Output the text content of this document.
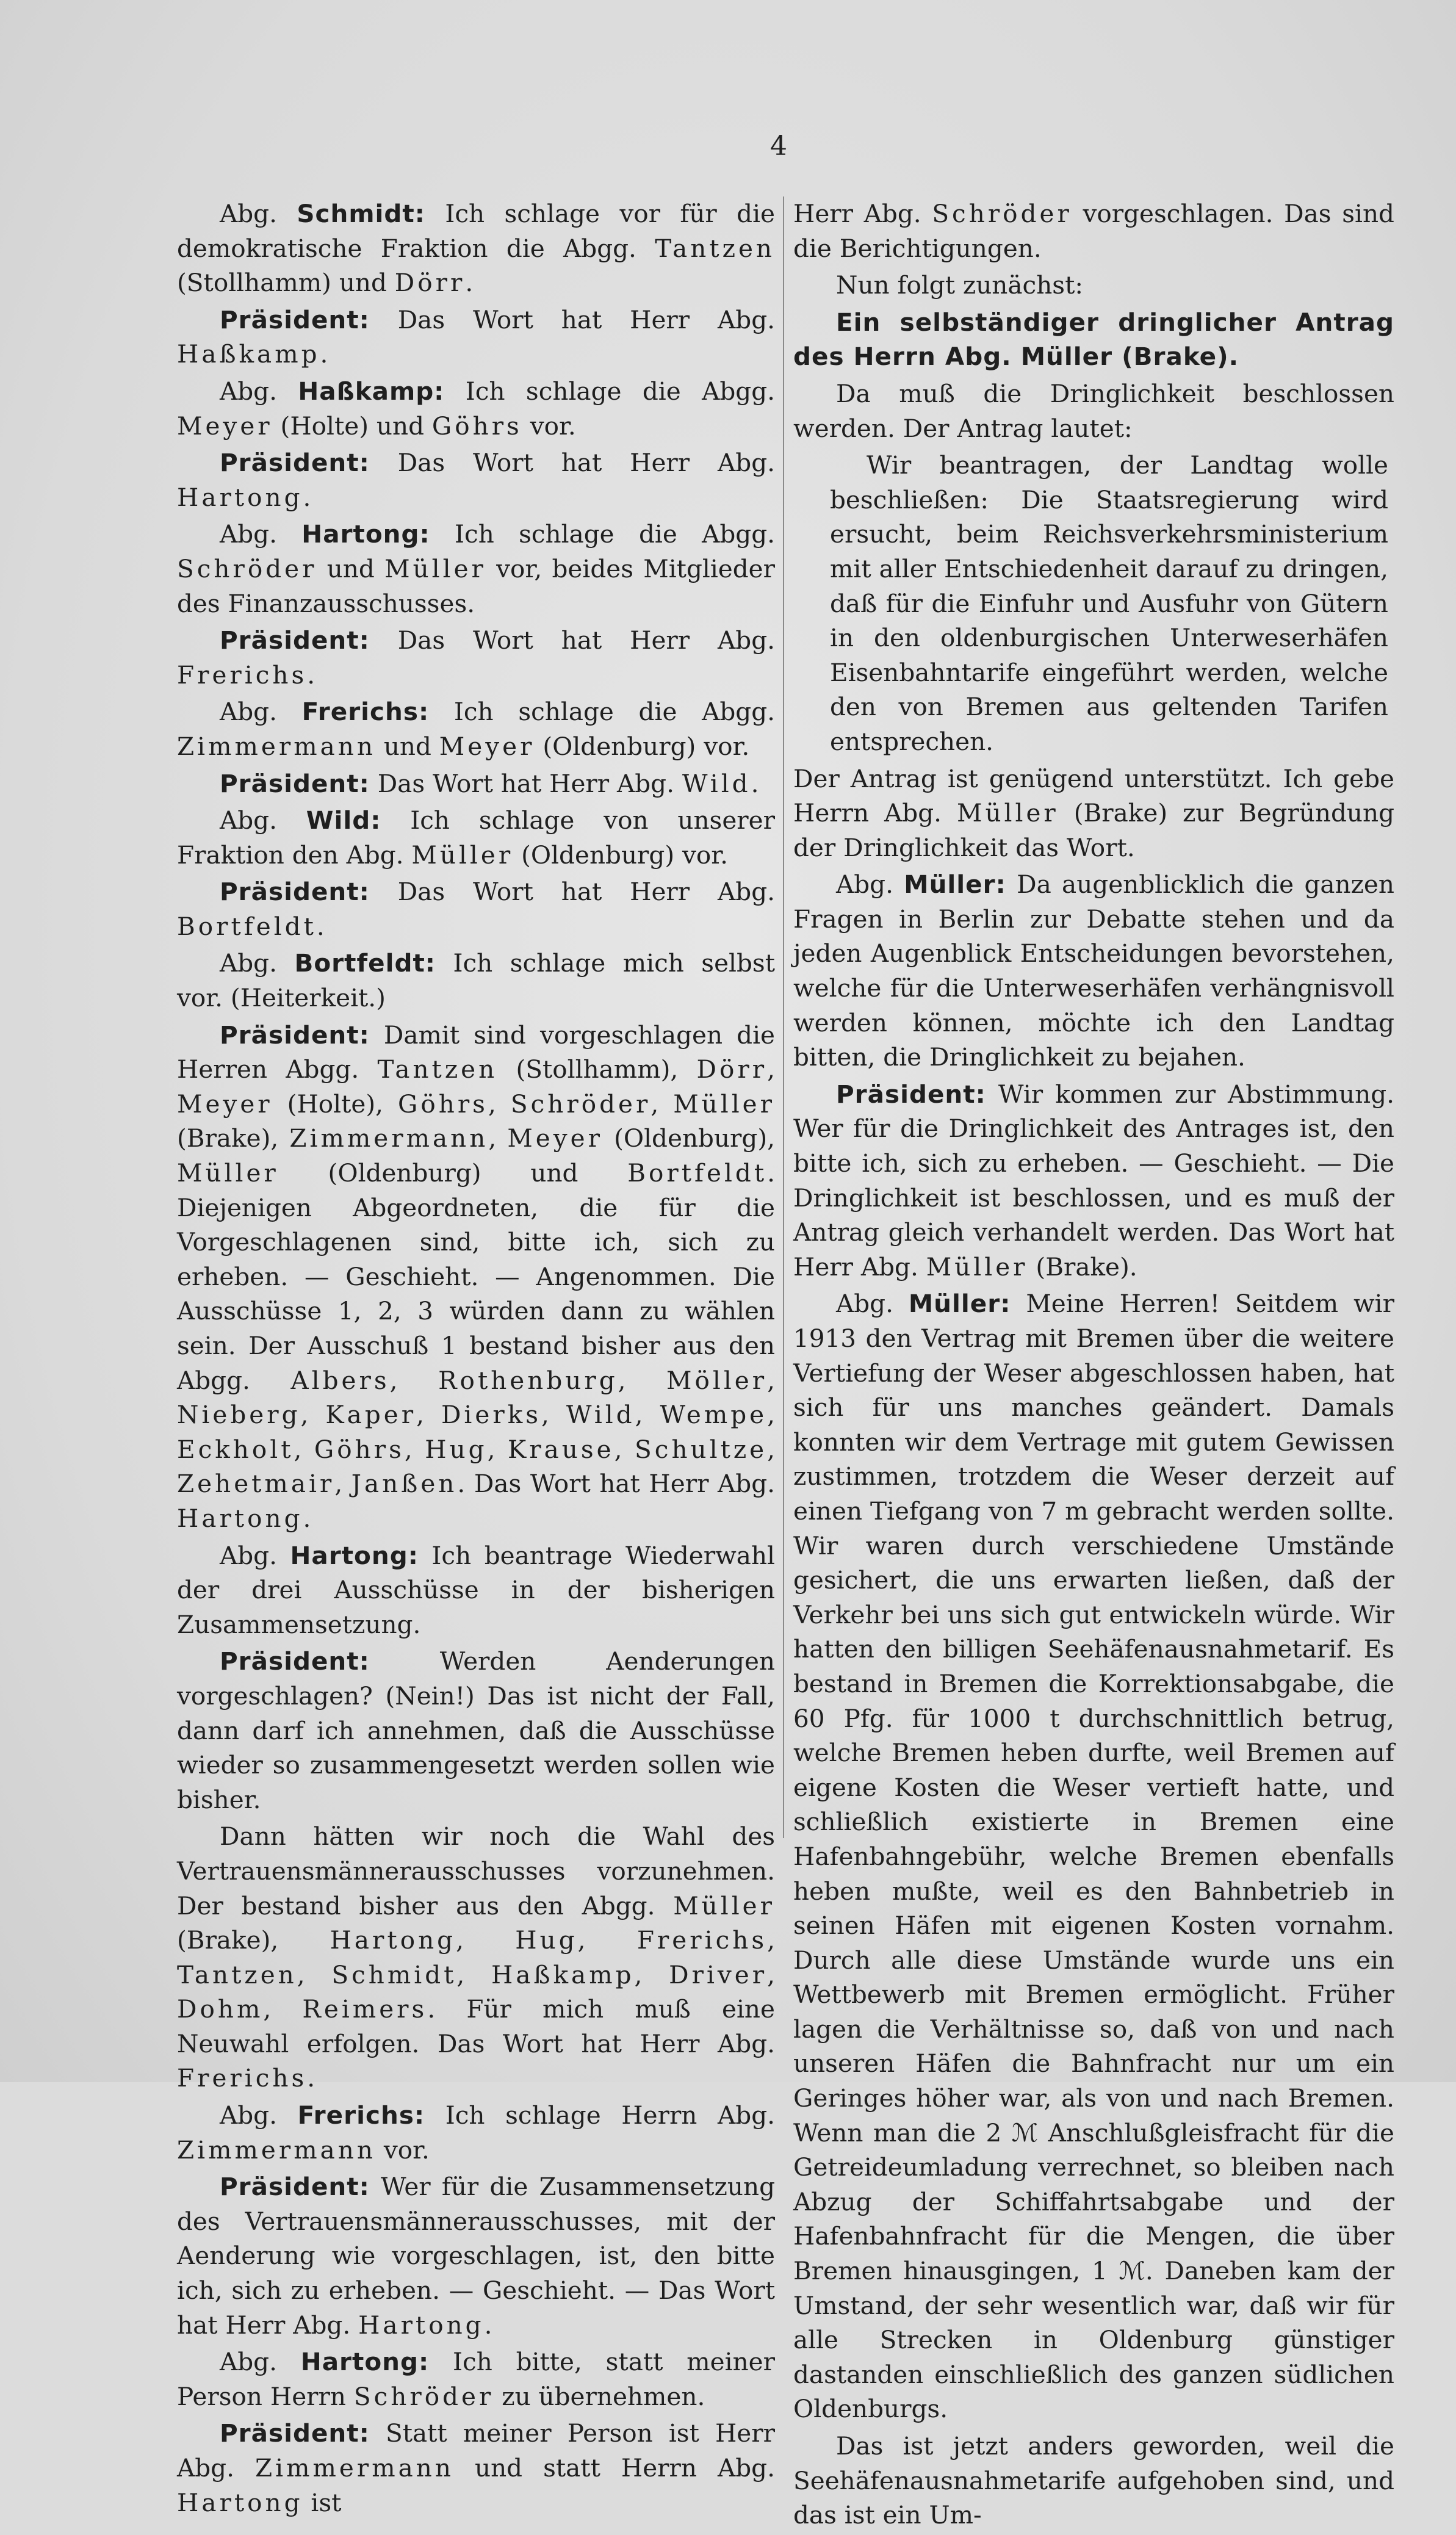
4

Abg. Schmidt: Ich schlage vor für die demokratische Fraktion die Abgg. Tantzen (Stollhamm) und Dörr.

Präsident: Das Wort hat Herr Abg. Haßkamp.

Abg. Haßkamp: Ich schlage die Abgg. Meyer (Holte) und Göhrs vor.

Präsident: Das Wort hat Herr Abg. Hartong.

Abg. Hartong: Ich schlage die Abgg. Schröder und Müller vor, beides Mitglieder des Finanzausschusses.

Präsident: Das Wort hat Herr Abg. Frerichs.

Abg. Frerichs: Ich schlage die Abgg. Zimmermann und Meyer (Oldenburg) vor.

Präsident: Das Wort hat Herr Abg. Wild.

Abg. Wild: Ich schlage von unserer Fraktion den Abg. Müller (Oldenburg) vor.

Präsident: Das Wort hat Herr Abg. Bortfeldt.

Abg. Bortfeldt: Ich schlage mich selbst vor. (Heiterkeit.)

Präsident: Damit sind vorgeschlagen die Herren Abgg. Tantzen (Stollhamm), Dörr, Meyer (Holte), Göhrs, Schröder, Müller (Brake), Zimmermann, Meyer (Oldenburg), Müller (Oldenburg) und Bortfeldt. Diejenigen Abgeordneten, die für die Vorgeschlagenen sind, bitte ich, sich zu erheben. — Geschieht. — Angenommen. Die Ausschüsse 1, 2, 3 würden dann zu wählen sein. Der Ausschuß 1 bestand bisher aus den Abgg. Albers, Rothenburg, Möller, Nieberg, Kaper, Dierks, Wild, Wempe, Eckholt, Göhrs, Hug, Krause, Schultze, Zehetmair, Janßen. Das Wort hat Herr Abg. Hartong.

Abg. Hartong: Ich beantrage Wiederwahl der drei Ausschüsse in der bisherigen Zusammensetzung.

Präsident: Werden Aenderungen vorgeschlagen? (Nein!) Das ist nicht der Fall, dann darf ich annehmen, daß die Ausschüsse wieder so zusammengesetzt werden sollen wie bisher.

Dann hätten wir noch die Wahl des Vertrauensmännerausschusses vorzunehmen. Der bestand bisher aus den Abgg. Müller (Brake), Hartong, Hug, Frerichs, Tantzen, Schmidt, Haßkamp, Driver, Dohm, Reimers. Für mich muß eine Neuwahl erfolgen. Das Wort hat Herr Abg. Frerichs.

Abg. Frerichs: Ich schlage Herrn Abg. Zimmermann vor.

Präsident: Wer für die Zusammensetzung des Vertrauensmännerausschusses, mit der Aenderung wie vorgeschlagen, ist, den bitte ich, sich zu erheben. — Geschieht. — Das Wort hat Herr Abg. Hartong.

Abg. Hartong: Ich bitte, statt meiner Person Herrn Schröder zu übernehmen.

Präsident: Statt meiner Person ist Herr Abg. Zimmermann und statt Herrn Abg. Hartong ist

Herr Abg. Schröder vorgeschlagen. Das sind die Berichtigungen.

Nun folgt zunächst:

Ein selbständiger dringlicher Antrag des Herrn Abg. Müller (Brake).

Da muß die Dringlichkeit beschlossen werden. Der Antrag lautet:

Wir beantragen, der Landtag wolle beschließen: Die Staatsregierung wird ersucht, beim Reichsverkehrsministerium mit aller Entschiedenheit darauf zu dringen, daß für die Einfuhr und Ausfuhr von Gütern in den oldenburgischen Unterweserhäfen Eisenbahntarife eingeführt werden, welche den von Bremen aus geltenden Tarifen entsprechen.

Der Antrag ist genügend unterstützt. Ich gebe Herrn Abg. Müller (Brake) zur Begründung der Dringlichkeit das Wort.

Abg. Müller: Da augenblicklich die ganzen Fragen in Berlin zur Debatte stehen und da jeden Augenblick Entscheidungen bevorstehen, welche für die Unterweserhäfen verhängnisvoll werden können, möchte ich den Landtag bitten, die Dringlichkeit zu bejahen.

Präsident: Wir kommen zur Abstimmung. Wer für die Dringlichkeit des Antrages ist, den bitte ich, sich zu erheben. — Geschieht. — Die Dringlichkeit ist beschlossen, und es muß der Antrag gleich verhandelt werden. Das Wort hat Herr Abg. Müller (Brake).

Abg. Müller: Meine Herren! Seitdem wir 1913 den Vertrag mit Bremen über die weitere Vertiefung der Weser abgeschlossen haben, hat sich für uns manches geändert. Damals konnten wir dem Vertrage mit gutem Gewissen zustimmen, trotzdem die Weser derzeit auf einen Tiefgang von 7 m gebracht werden sollte. Wir waren durch verschiedene Umstände gesichert, die uns erwarten ließen, daß der Verkehr bei uns sich gut entwickeln würde. Wir hatten den billigen Seehäfenausnahmetarif. Es bestand in Bremen die Korrektionsabgabe, die 60 Pfg. für 1000 t durchschnittlich betrug, welche Bremen heben durfte, weil Bremen auf eigene Kosten die Weser vertieft hatte, und schließlich existierte in Bremen eine Hafenbahngebühr, welche Bremen ebenfalls heben mußte, weil es den Bahnbetrieb in seinen Häfen mit eigenen Kosten vornahm. Durch alle diese Umstände wurde uns ein Wettbewerb mit Bremen ermöglicht. Früher lagen die Verhältnisse so, daß von und nach unseren Häfen die Bahnfracht nur um ein Geringes höher war, als von und nach Bremen. Wenn man die 2 ℳ Anschlußgleisfracht für die Getreideumladung verrechnet, so bleiben nach Abzug der Schiffahrtsabgabe und der Hafenbahnfracht für die Mengen, die über Bremen hinausgingen, 1 ℳ. Daneben kam der Umstand, der sehr wesentlich war, daß wir für alle Strecken in Oldenburg günstiger dastanden einschließlich des ganzen südlichen Oldenburgs.

Das ist jetzt anders geworden, weil die Seehäfenausnahmetarife aufgehoben sind, und das ist ein Um-
